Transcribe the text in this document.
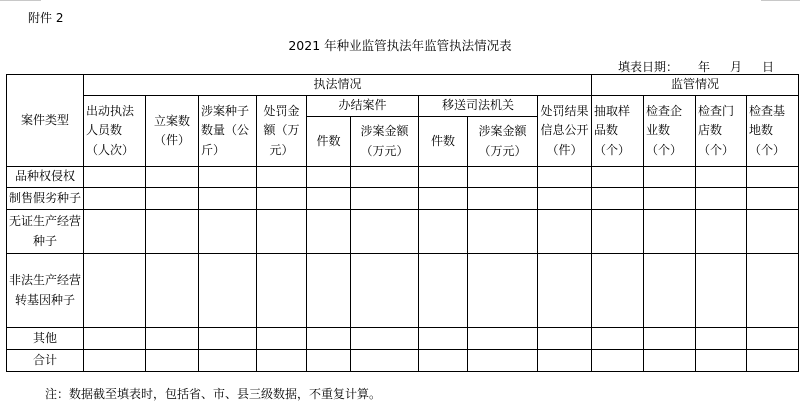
附件 2
2021 年种业监管执法年监管执法情况表
填表日期： 年 月 日
案件类型	执法情况									监管情况			
	出动执法人员数（人次）	立案数（件）	涉案种子数量（公斤）	处罚金额（万元）	办结案件		移送司法机关		处罚结果信息公开（件）	抽取样品数（个）	检查企业数（个）	检查门店数（个）	检查基地数（个）
					件数	涉案金额（万元）	件数	涉案金额（万元）					
品种权侵权													
制售假劣种子													
无证生产经营种子													
非法生产经营转基因种子													
其他													
合计													
注：数据截至填表时，包括省、市、县三级数据，不重复计算。
